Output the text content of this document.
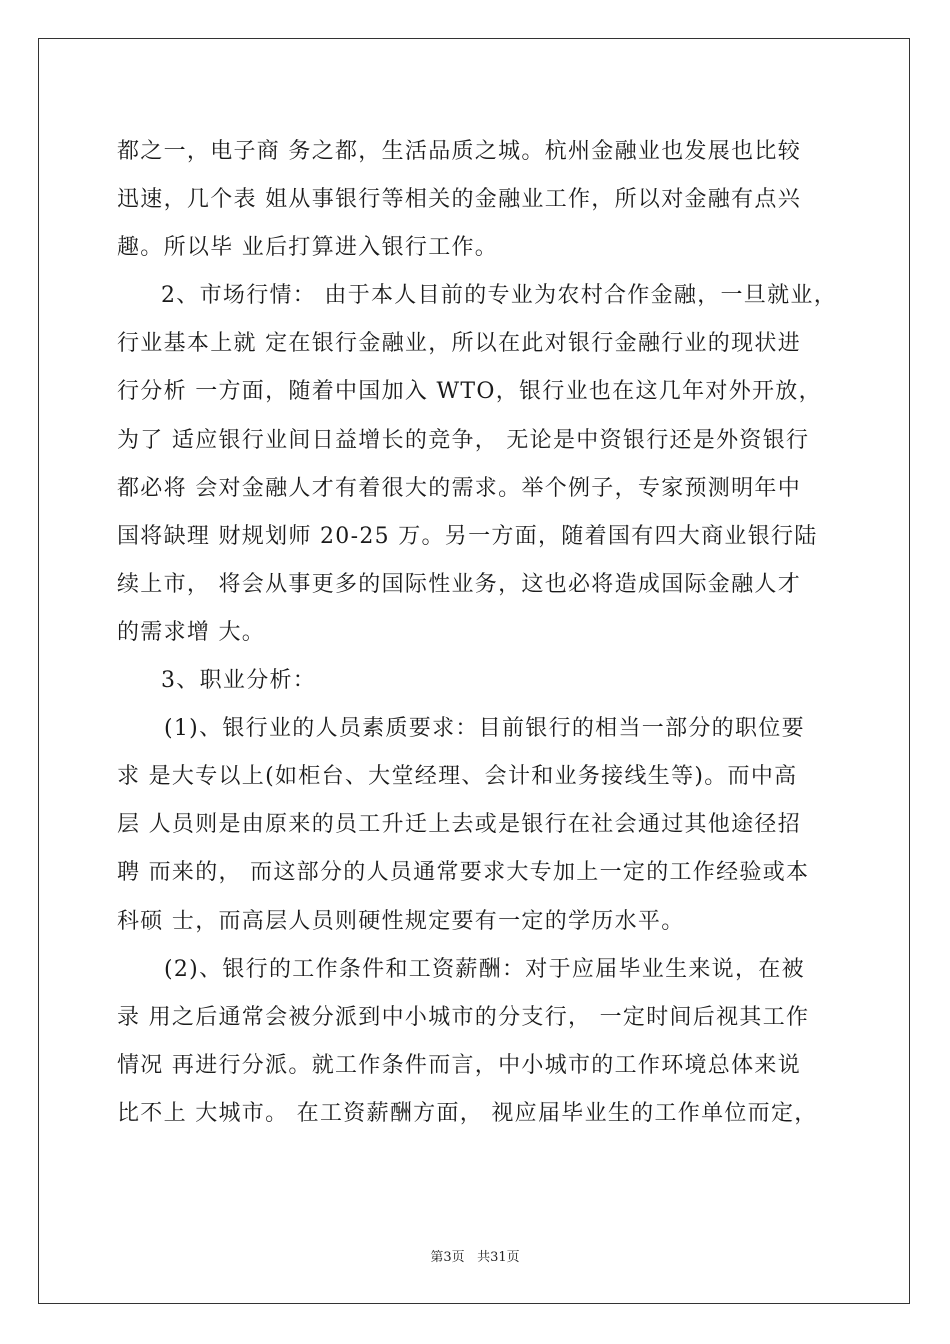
都之一，电子商 务之都，生活品质之城。杭州金融业也发展也比较
迅速，几个表 姐从事银行等相关的金融业工作，所以对金融有点兴
趣。所以毕 业后打算进入银行工作。
2、市场行情： 由于本人目前的专业为农村合作金融，一旦就业，
行业基本上就 定在银行金融业，所以在此对银行金融行业的现状进
行分析 一方面，随着中国加入 WTO，银行业也在这几年对外开放，
为了 适应银行业间日益增长的竞争， 无论是中资银行还是外资银行
都必将 会对金融人才有着很大的需求。举个例子，专家预测明年中
国将缺理 财规划师 20-25 万。另一方面，随着国有四大商业银行陆
续上市， 将会从事更多的国际性业务，这也必将造成国际金融人才
的需求增 大。
3、职业分析：
(1)、银行业的人员素质要求：目前银行的相当一部分的职位要
求 是大专以上(如柜台、大堂经理、会计和业务接线生等)。而中高
层 人员则是由原来的员工升迁上去或是银行在社会通过其他途径招
聘 而来的， 而这部分的人员通常要求大专加上一定的工作经验或本
科硕 士，而高层人员则硬性规定要有一定的学历水平。
(2)、银行的工作条件和工资薪酬：对于应届毕业生来说，在被
录 用之后通常会被分派到中小城市的分支行， 一定时间后视其工作
情况 再进行分派。就工作条件而言，中小城市的工作环境总体来说
比不上 大城市。 在工资薪酬方面， 视应届毕业生的工作单位而定，
第3页 共31页
